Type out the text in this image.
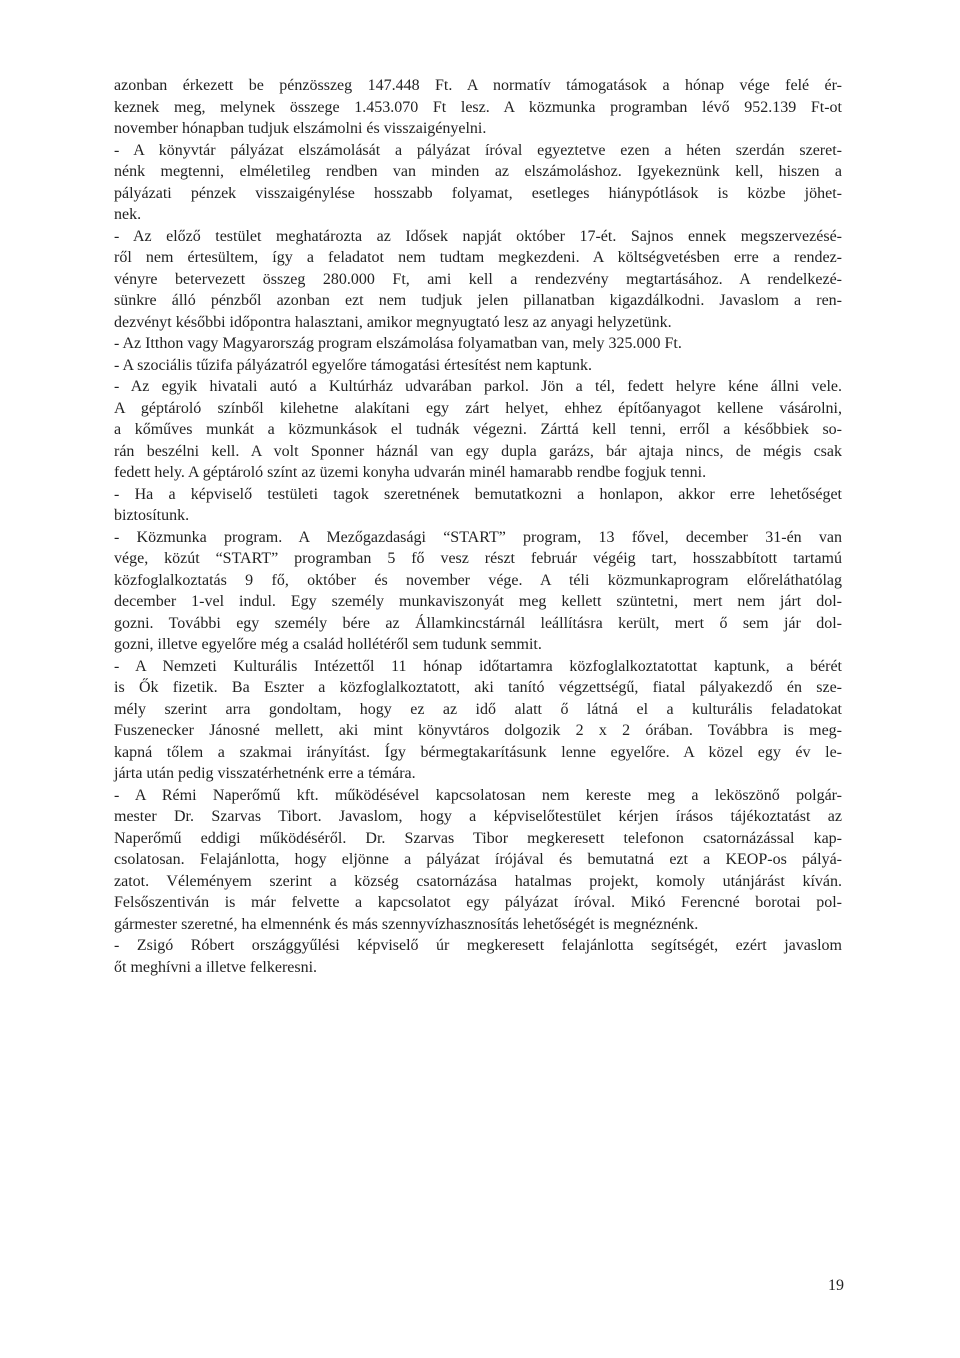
azonban érkezett be pénzösszeg 147.448 Ft. A normatív támogatások a hónap vége felé ér-
keznek meg, melynek összege 1.453.070 Ft lesz. A közmunka programban lévő 952.139 Ft-ot
november hónapban tudjuk elszámolni és visszaigényelni.
- A könyvtár pályázat elszámolását a pályázat íróval egyeztetve ezen a héten szerdán szeret-
nénk megtenni, elméletileg rendben van minden az elszámoláshoz. Igyekeznünk kell, hiszen a
pályázati pénzek visszaigénylése hosszabb folyamat, esetleges hiánypótlások is közbe jöhet-
nek.
- Az előző testület meghatározta az Idősek napját október 17-ét. Sajnos ennek megszervezésé-
ről nem értesültem, így a feladatot nem tudtam megkezdeni. A költségvetésben erre a rendez-
vényre betervezett összeg 280.000 Ft, ami kell a rendezvény megtartásához. A rendelkezé-
sünkre álló pénzből azonban ezt nem tudjuk jelen pillanatban kigazdálkodni. Javaslom a ren-
dezvényt későbbi időpontra halasztani, amikor megnyugtató lesz az anyagi helyzetünk.
- Az Itthon vagy Magyarország program elszámolása folyamatban van, mely 325.000 Ft.
- A szociális tűzifa pályázatról egyelőre támogatási értesítést nem kaptunk.
- Az egyik hivatali autó a Kultúrház udvarában parkol. Jön a tél, fedett helyre kéne állni vele.
A géptároló színből kilehetne alakítani egy zárt helyet, ehhez építőanyagot kellene vásárolni,
a kőműves munkát a közmunkások el tudnák végezni. Zárttá kell tenni, erről a későbbiek so-
rán beszélni kell. A volt Sponner háznál van egy dupla garázs, bár ajtaja nincs, de mégis csak
fedett hely. A géptároló színt az üzemi konyha udvarán minél hamarabb rendbe fogjuk tenni.
- Ha a képviselő testületi tagok szeretnének bemutatkozni a honlapon, akkor erre lehetőséget
biztosítunk.
- Közmunka program. A Mezőgazdasági “START” program, 13 fővel, december 31-én van
vége, közút “START” programban 5 fő vesz részt február végéig tart, hosszabbított tartamú
közfoglalkoztatás 9 fő, október és november vége. A téli közmunkaprogram előreláthatólag
december 1-vel indul. Egy személy munkaviszonyát meg kellett szüntetni, mert nem járt dol-
gozni. További egy személy bére az Államkincstárnál leállításra került, mert ő sem jár dol-
gozni, illetve egyelőre még a család hollétéről sem tudunk semmit.
- A Nemzeti Kulturális Intézettől 11 hónap időtartamra közfoglalkoztatottat kaptunk, a bérét
is Ők fizetik. Ba Eszter a közfoglalkoztatott, aki tanító végzettségű, fiatal pályakezdő én sze-
mély szerint arra gondoltam, hogy ez az idő alatt ő látná el a kulturális feladatokat
Fuszenecker Jánosné mellett, aki mint könyvtáros dolgozik 2 x 2 órában. Továbbra is meg-
kapná tőlem a szakmai irányítást. Így bérmegtakarításunk lenne egyelőre. A közel egy év le-
járta után pedig visszatérhetnénk erre a témára.
- A Rémi Naperőmű kft. működésével kapcsolatosan nem kereste meg a leköszönő polgár-
mester Dr. Szarvas Tibort. Javaslom, hogy a képviselőtestület kérjen írásos tájékoztatást az
Naperőmű eddigi működéséről. Dr. Szarvas Tibor megkeresett telefonon csatornázással kap-
csolatosan. Felajánlotta, hogy eljönne a pályázat írójával és bemutatná ezt a KEOP-os pályá-
zatot. Véleményem szerint a község csatornázása hatalmas projekt, komoly utánjárást kíván.
Felsőszentiván is már felvette a kapcsolatot egy pályázat íróval. Mikó Ferencné borotai pol-
gármester szeretné, ha elmennénk és más szennyvízhasznosítás lehetőségét is megnéznénk.
- Zsigó Róbert országgyűlési képviselő úr megkeresett felajánlotta segítségét, ezért javaslom
őt meghívni a illetve felkeresni.
19
